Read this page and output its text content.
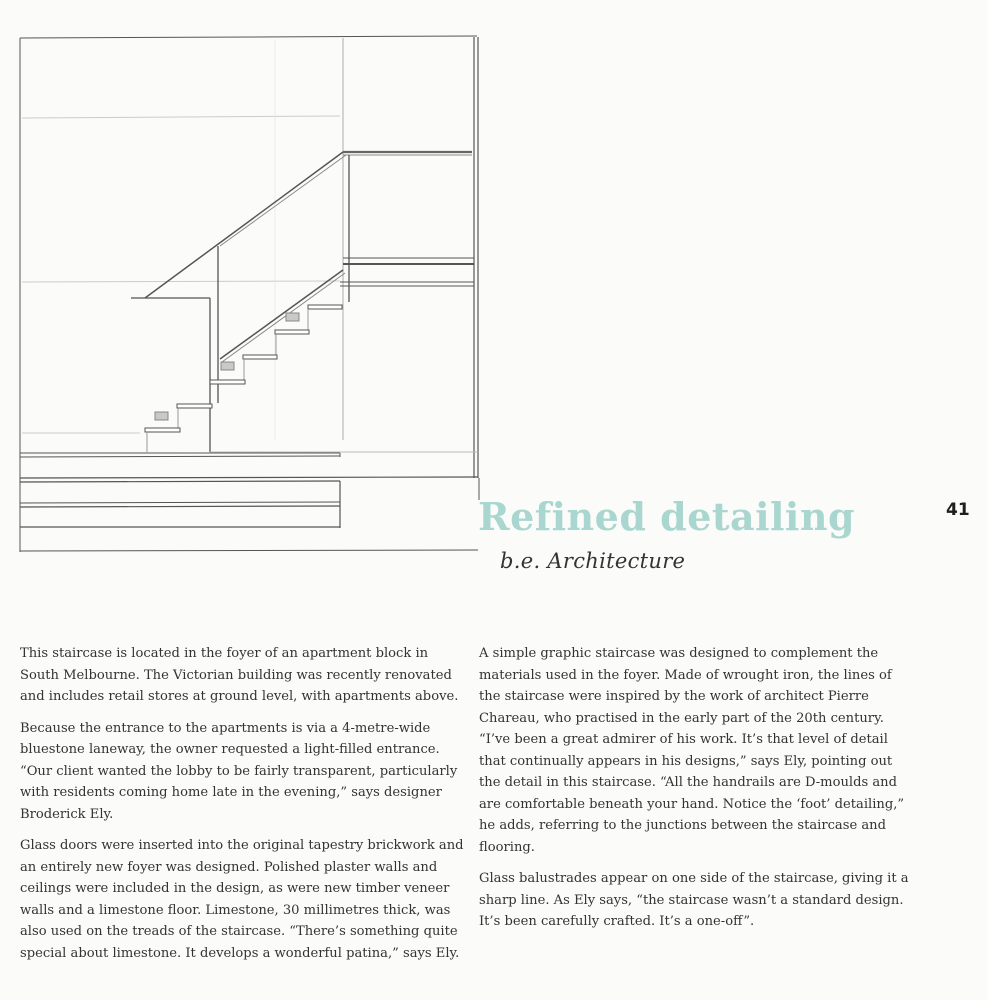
Refined detailing
b.e. Architecture
41

This staircase is located in the foyer of an apartment block in South Melbourne. The Victorian building was recently renovated and includes retail stores at ground level, with apartments above.

Because the entrance to the apartments is via a 4-metre-wide bluestone laneway, the owner requested a light-filled entrance. “Our client wanted the lobby to be fairly transparent, particularly with residents coming home late in the evening,” says designer Broderick Ely.

Glass doors were inserted into the original tapestry brickwork and an entirely new foyer was designed. Polished plaster walls and ceilings were included in the design, as were new timber veneer walls and a limestone floor. Limestone, 30 millimetres thick, was also used on the treads of the staircase. “There’s something quite special about limestone. It develops a wonderful patina,” says Ely.

A simple graphic staircase was designed to complement the materials used in the foyer. Made of wrought iron, the lines of the staircase were inspired by the work of architect Pierre Chareau, who practised in the early part of the 20th century. “I’ve been a great admirer of his work. It’s that level of detail that continually appears in his designs,” says Ely, pointing out the detail in this staircase. “All the handrails are D-moulds and are comfortable beneath your hand. Notice the ‘foot’ detailing,” he adds, referring to the junctions between the staircase and flooring.

Glass balustrades appear on one side of the staircase, giving it a sharp line. As Ely says, “the staircase wasn’t a standard design. It’s been carefully crafted. It’s a one-off”.
